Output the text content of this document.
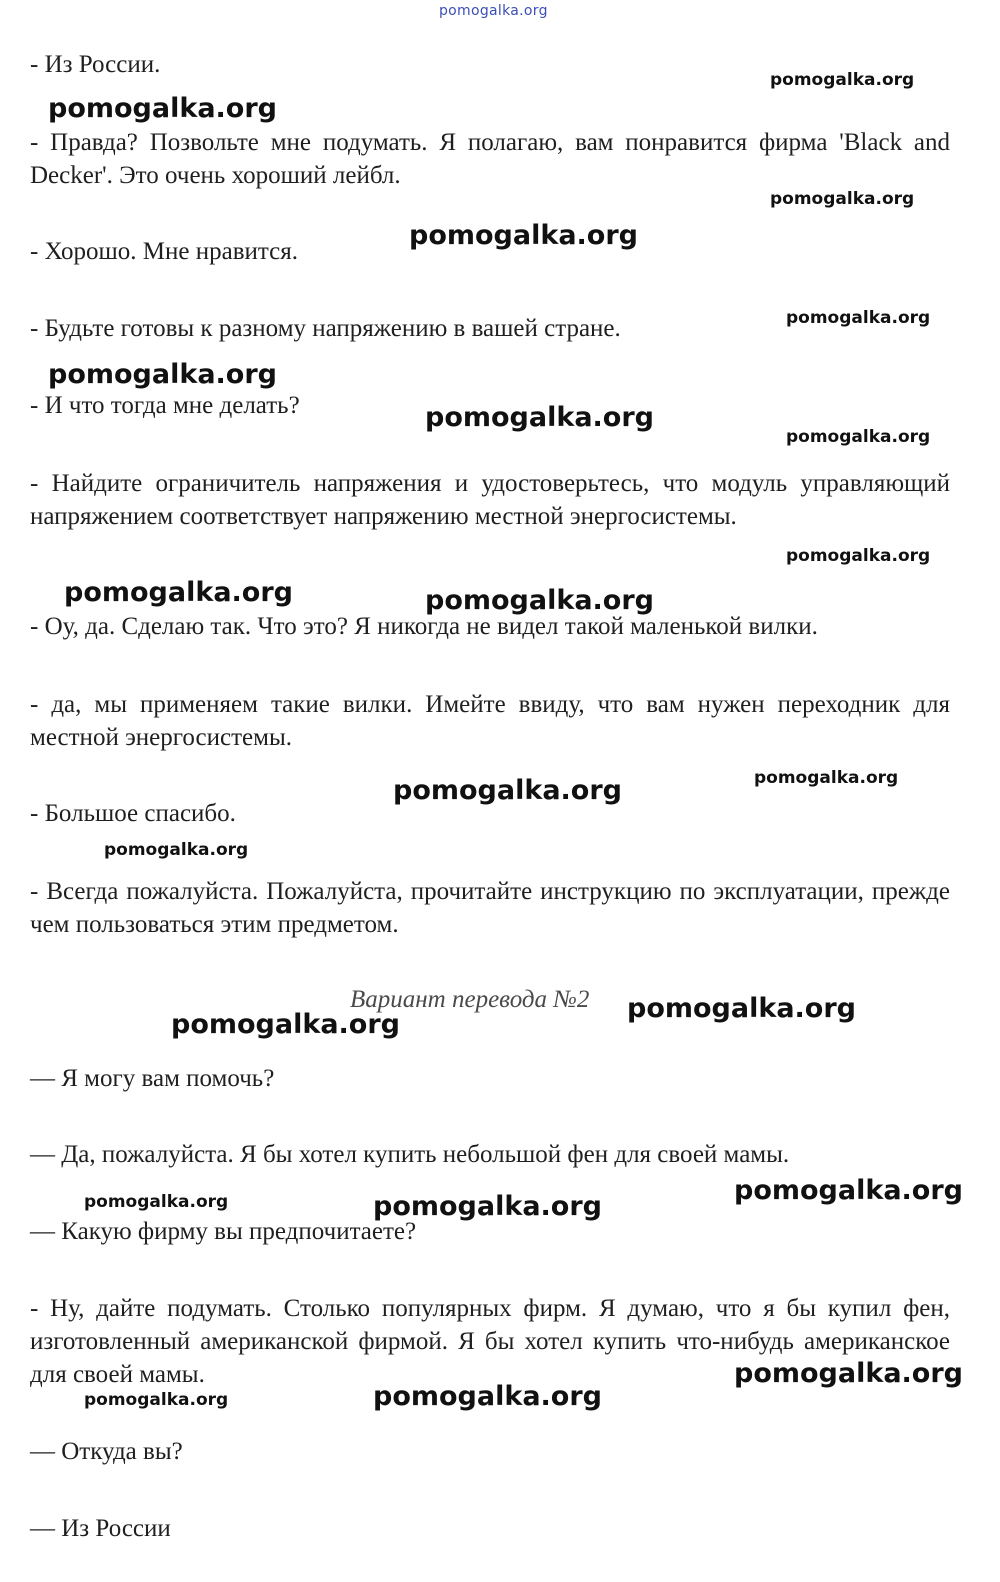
pomogalka.org

- Из России.

- Правда? Позвольте мне подумать. Я полагаю, вам понравится фирма 'Black and Decker'. Это очень хороший лейбл.

- Хорошо. Мне нравится.

- Будьте готовы к разному напряжению в вашей стране.

- И что тогда мне делать?

- Найдите ограничитель напряжения и удостоверьтесь, что модуль управляющий напряжением соответствует напряжению местной энергосистемы.

- Оу, да. Сделаю так. Что это? Я никогда не видел такой маленькой вилки.

- да, мы применяем такие вилки. Имейте ввиду, что вам нужен переходник для местной энергосистемы.

- Большое спасибо.

- Всегда пожалуйста. Пожалуйста, прочитайте инструкцию по эксплуатации, прежде чем пользоваться этим предметом.

Вариант перевода №2

— Я могу вам помочь?

— Да, пожалуйста. Я бы хотел купить небольшой фен для своей мамы.

— Какую фирму вы предпочитаете?

- Ну, дайте подумать. Столько популярных фирм. Я думаю, что я бы купил фен, изготовленный американской фирмой. Я бы хотел купить что-нибудь американское для своей мамы.

— Откуда вы?

— Из России

pomogalka.org
pomogalka.org
pomogalka.org
pomogalka.org
pomogalka.org
pomogalka.org
pomogalka.org
pomogalka.org
pomogalka.org
pomogalka.org	pomogalka.org
pomogalka.org
pomogalka.org
pomogalka.org
pomogalka.org
pomogalka.org
pomogalka.org
pomogalka.org	pomogalka.org
pomogalka.org
pomogalka.org	pomogalka.org
